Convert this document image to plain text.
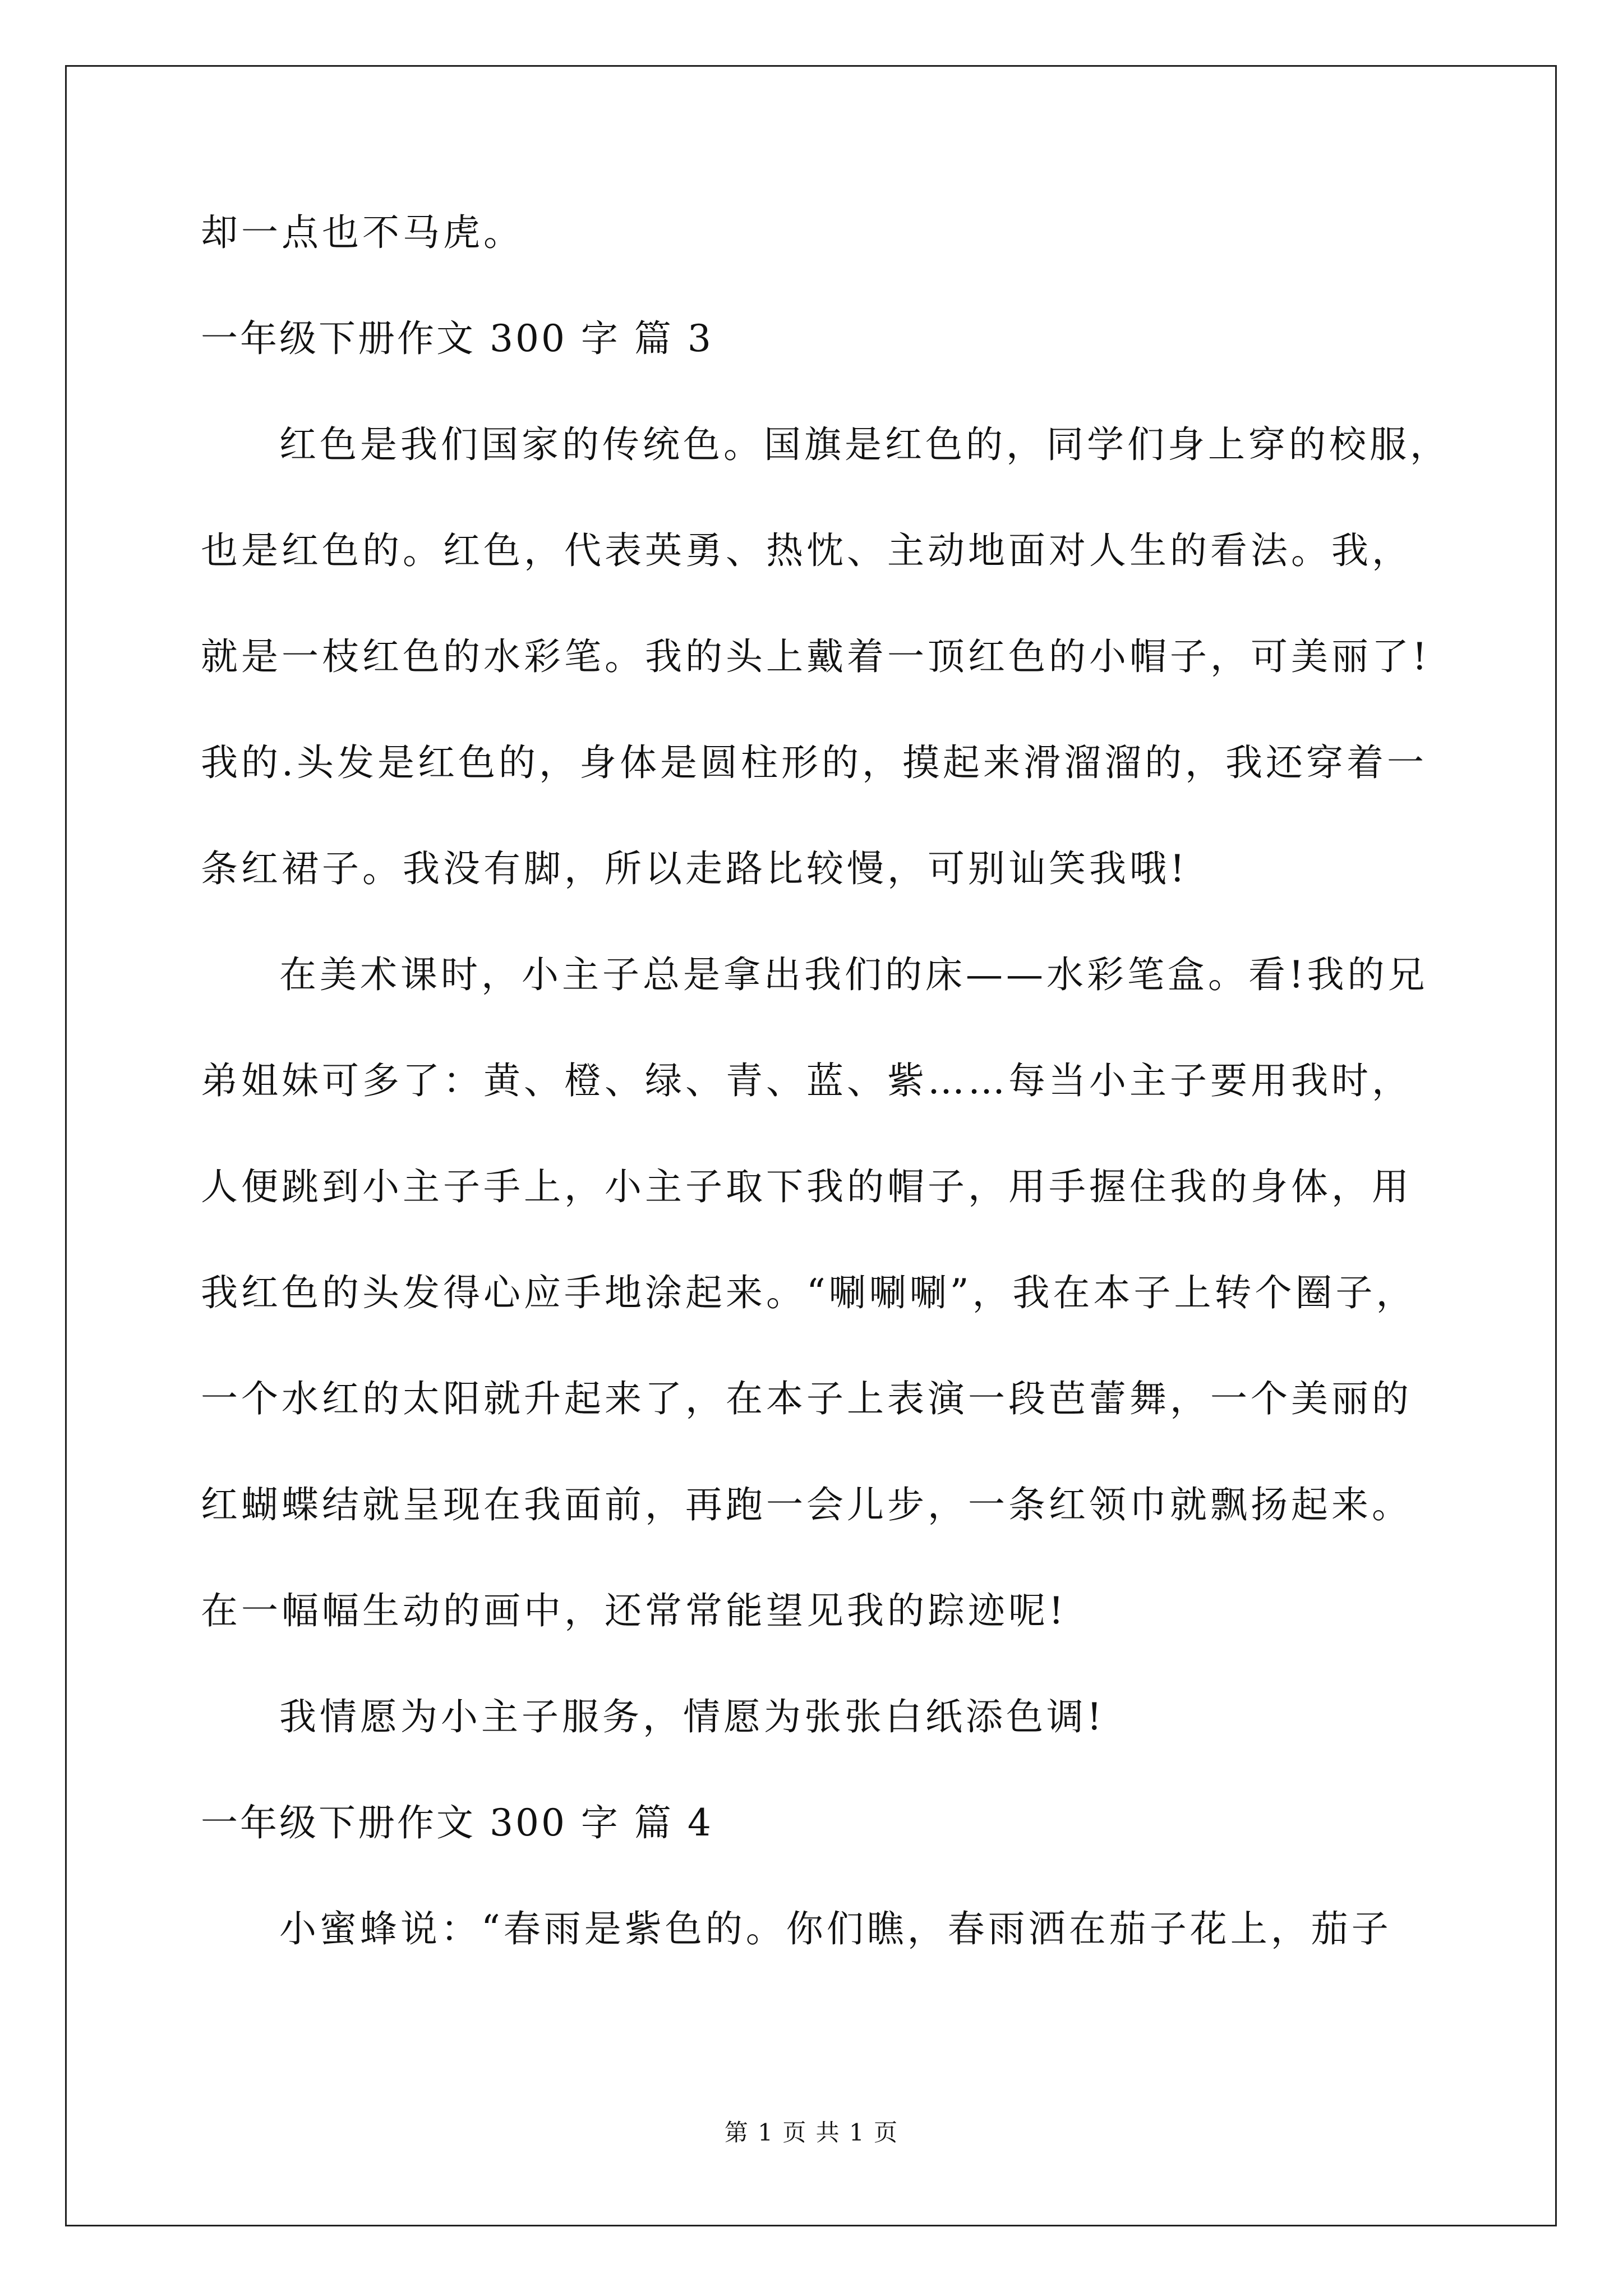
却一点也不马虎。
一年级下册作文 300 字 篇 3
红色是我们国家的传统色。国旗是红色的，同学们身上穿的校服，
也是红色的。红色，代表英勇、热忱、主动地面对人生的看法。我，
就是一枝红色的水彩笔。我的头上戴着一顶红色的小帽子，可美丽了!
我的.头发是红色的，身体是圆柱形的，摸起来滑溜溜的，我还穿着一
条红裙子。我没有脚，所以走路比较慢，可别讪笑我哦!
在美术课时，小主子总是拿出我们的床——水彩笔盒。看!我的兄
弟姐妹可多了：黄、橙、绿、青、蓝、紫……每当小主子要用我时，
人便跳到小主子手上，小主子取下我的帽子，用手握住我的身体，用
我红色的头发得心应手地涂起来。“唰唰唰”，我在本子上转个圈子，
一个水红的太阳就升起来了，在本子上表演一段芭蕾舞，一个美丽的
红蝴蝶结就呈现在我面前，再跑一会儿步，一条红领巾就飘扬起来。
在一幅幅生动的画中，还常常能望见我的踪迹呢!
我情愿为小主子服务，情愿为张张白纸添色调!
一年级下册作文 300 字 篇 4
小蜜蜂说：“春雨是紫色的。你们瞧，春雨洒在茄子花上，茄子
第 1 页 共 1 页
